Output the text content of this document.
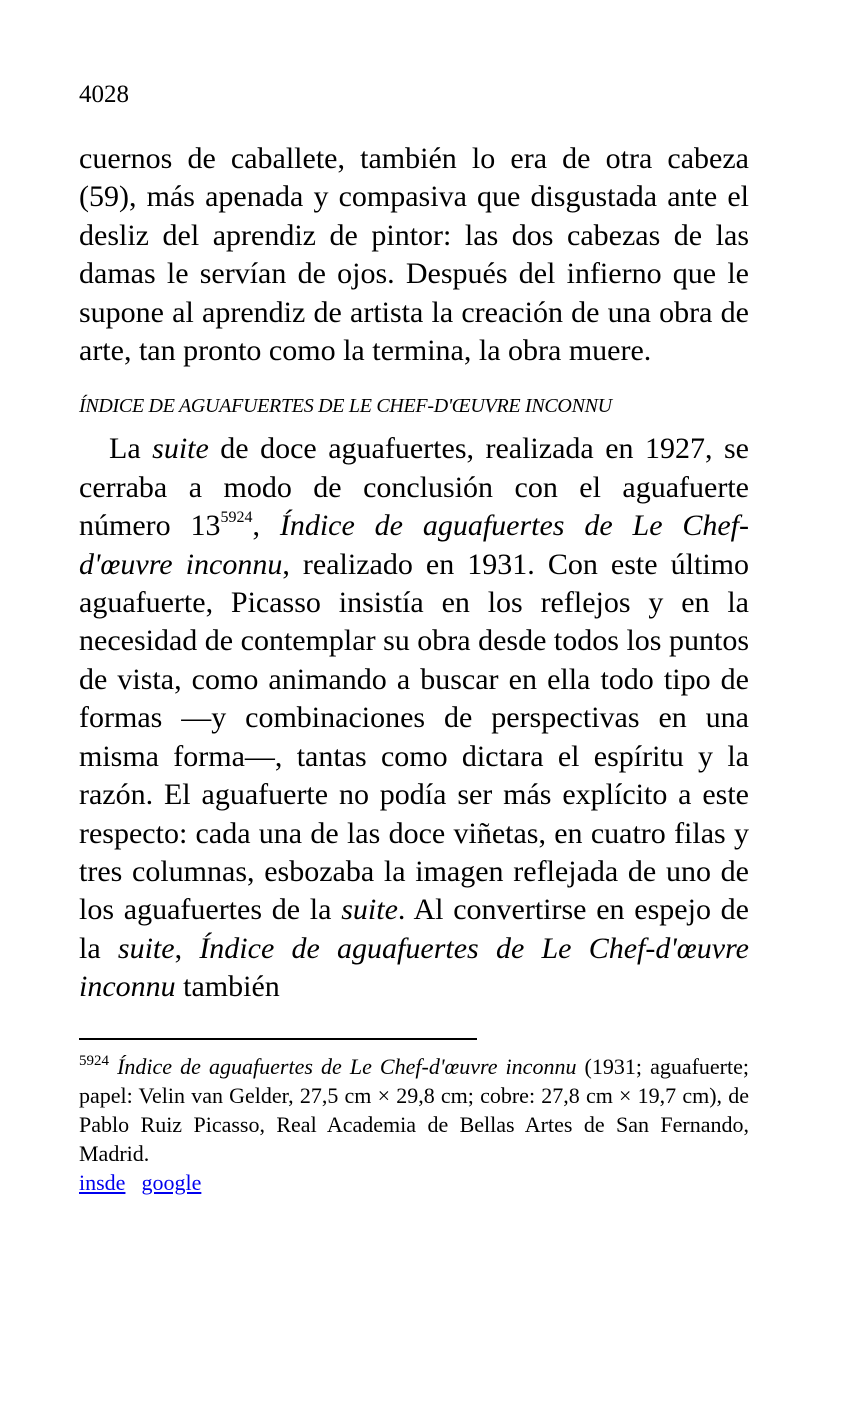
4028

cuernos de caballete, también lo era de otra cabeza (59), más apenada y compasiva que disgustada ante el desliz del aprendiz de pintor: las dos cabezas de las damas le servían de ojos. Después del infierno que le supone al aprendiz de artista la creación de una obra de arte, tan pronto como la termina, la obra muere.

ÍNDICE DE AGUAFUERTES DE LE CHEF-D'ŒUVRE INCONNU

La suite de doce aguafuertes, realizada en 1927, se cerraba a modo de conclusión con el aguafuerte número $13^{5924}$, Índice de aguafuertes de Le Chef-d'œuvre inconnu, realizado en 1931. Con este último aguafuerte, Picasso insistía en los reflejos y en la necesidad de contemplar su obra desde todos los puntos de vista, como animando a buscar en ella todo tipo de formas —y combinaciones de perspectivas en una misma forma—, tantas como dictara el espíritu y la razón. El aguafuerte no podía ser más explícito a este respecto: cada una de las doce viñetas, en cuatro filas y tres columnas, esbozaba la imagen reflejada de uno de los aguafuertes de la suite. Al convertirse en espejo de la suite, Índice de aguafuertes de Le Chef-d'œuvre inconnu también

$^{5924}$ Índice de aguafuertes de Le Chef-d'œuvre inconnu (1931; aguafuerte; papel: Velin van Gelder, 27,5 cm × 29,8 cm; cobre: 27,8 cm × 19,7 cm), de Pablo Ruiz Picasso, Real Academia de Bellas Artes de San Fernando, Madrid.

insde google
